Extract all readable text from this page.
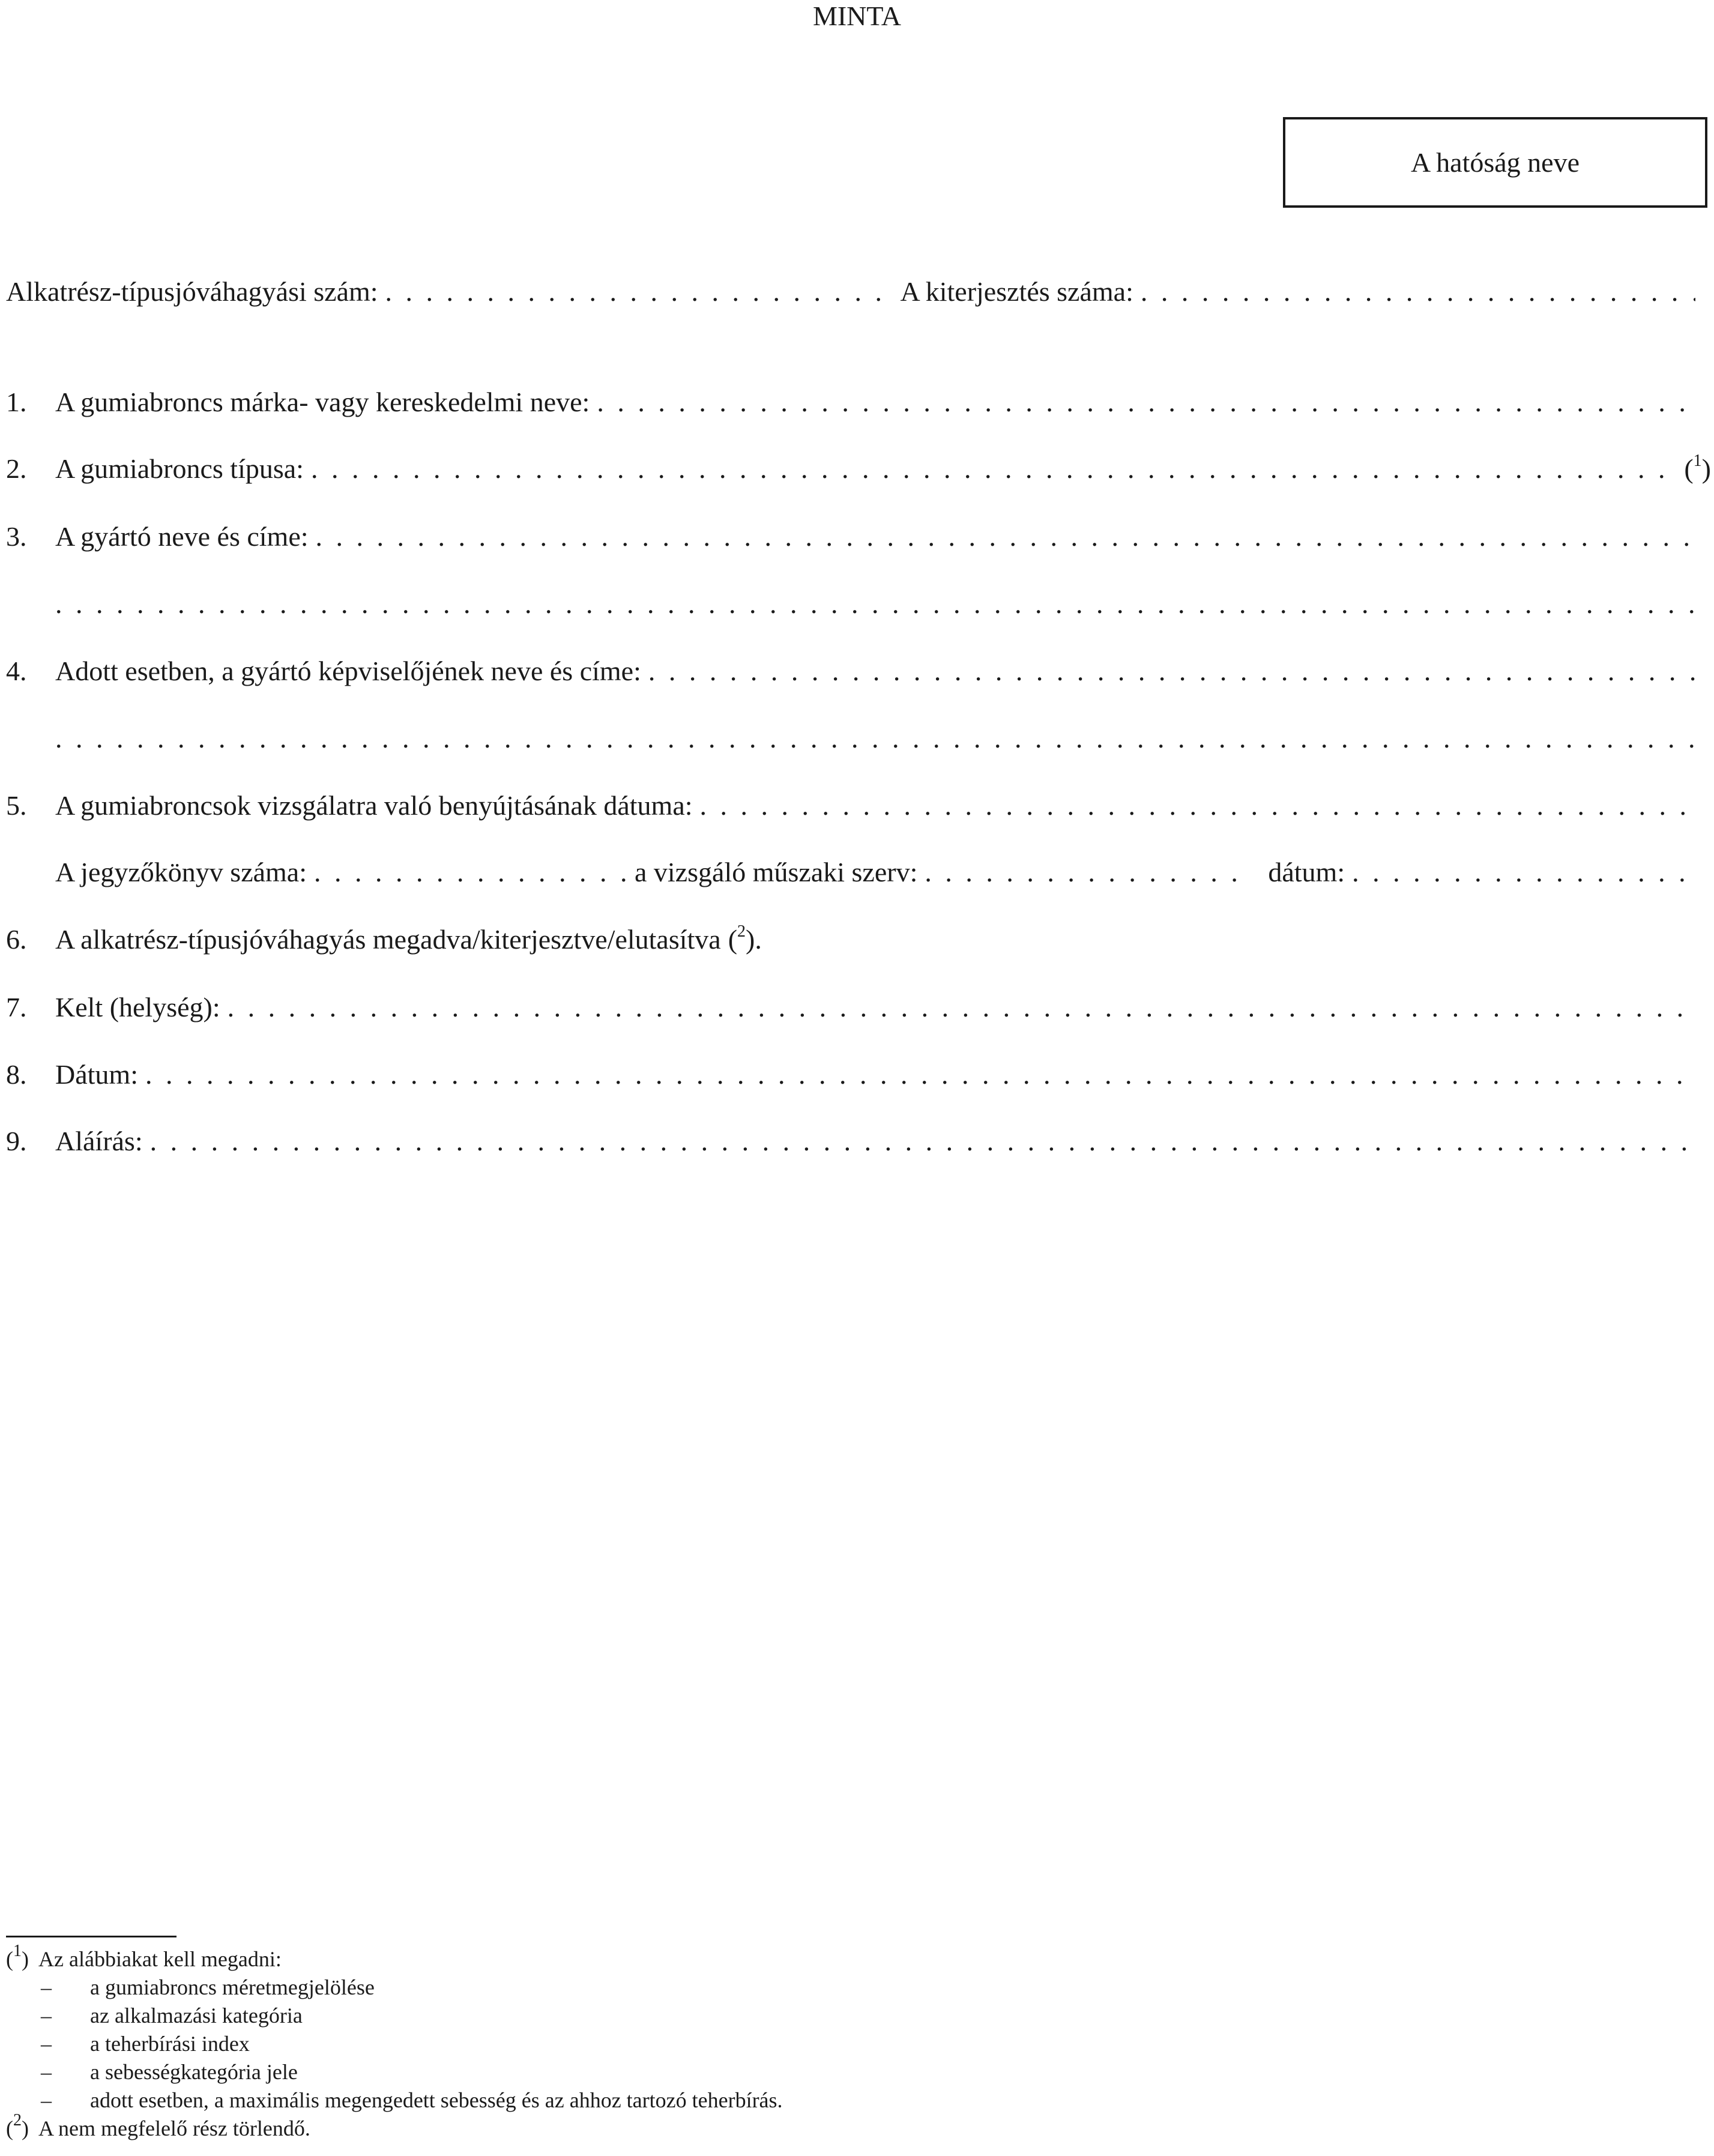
MINTA
A hatóság neve
Alkatrész-típusjóváhagyási szám: . . .	A kiterjesztés száma:
. . .
1.	A gumiabroncs márka- vagy kereskedelmi neve:
. . .
2.	A gumiabroncs típusa: . . .	($^1$)
3.	A gyártó neve és címe:
. . .
. . .
4.	Adott esetben, a gyártó képviselőjének neve és címe:
. . .
. . .
5.	A gumiabroncsok vizsgálatra való benyújtásának dátuma:
. . .
A jegyzőkönyv száma: . . .	a vizsgáló műszaki szerv: . . .	dátum:
. . .
6.	A alkatrész-típusjóváhagyás megadva/kiterjesztve/elutasítva ($^2$).
7.	Kelt (helység):
. . .
8.	Dátum:
. . .
9.	Aláírás:
. . .
($^1$)  Az alábbiakat kell megadni:
– a gumiabroncs méretmegjelölése
– az alkalmazási kategória
– a teherbírási index
– a sebességkategória jele
– adott esetben, a maximális megengedett sebesség és az ahhoz tartozó teherbírás.
($^2$)  A nem megfelelő rész törlendő.
